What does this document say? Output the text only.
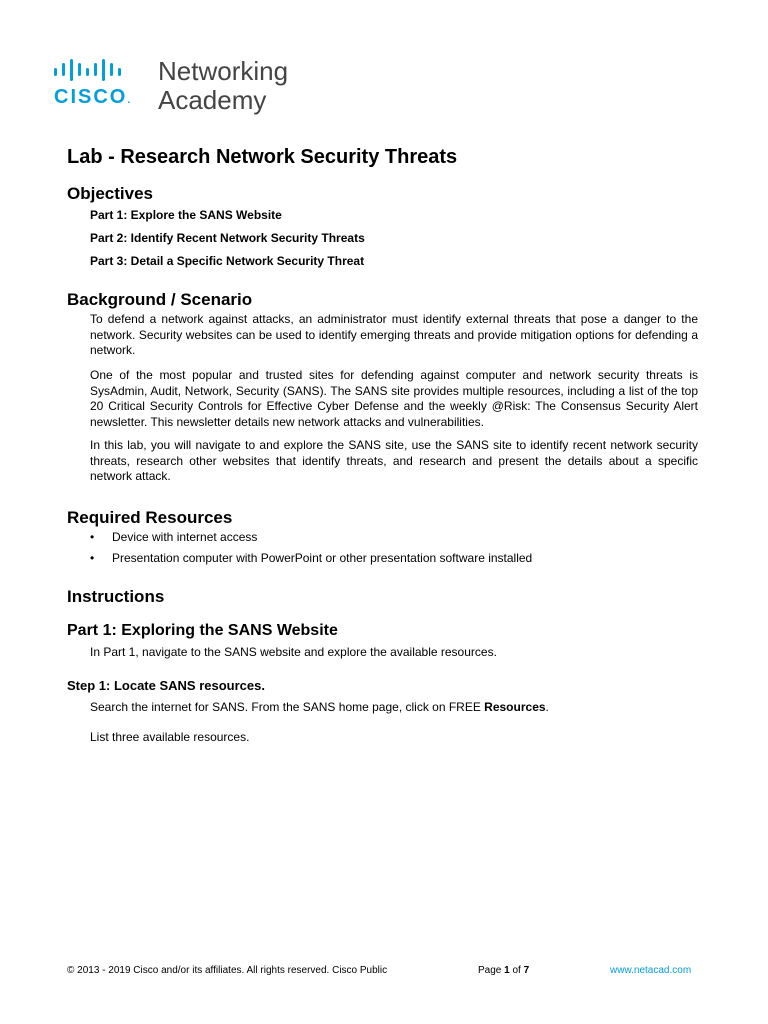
CISCO.
Networking
Academy
Lab - Research Network Security Threats
Objectives
Part 1: Explore the SANS Website
Part 2: Identify Recent Network Security Threats
Part 3: Detail a Specific Network Security Threat
Background / Scenario
To defend a network against attacks, an administrator must identify external threats that pose a danger to the network. Security websites can be used to identify emerging threats and provide mitigation options for defending a network.
One of the most popular and trusted sites for defending against computer and network security threats is SysAdmin, Audit, Network, Security (SANS). The SANS site provides multiple resources, including a list of the top 20 Critical Security Controls for Effective Cyber Defense and the weekly @Risk: The Consensus Security Alert newsletter. This newsletter details new network attacks and vulnerabilities.
In this lab, you will navigate to and explore the SANS site, use the SANS site to identify recent network security threats, research other websites that identify threats, and research and present the details about a specific network attack.
Required Resources
• Device with internet access
• Presentation computer with PowerPoint or other presentation software installed
Instructions
Part 1: Exploring the SANS Website
In Part 1, navigate to the SANS website and explore the available resources.
Step 1: Locate SANS resources.
Search the internet for SANS. From the SANS home page, click on FREE Resources.
List three available resources.
© 2013 - 2019 Cisco and/or its affiliates. All rights reserved. Cisco Public	Page 1 of 7	www.netacad.com
